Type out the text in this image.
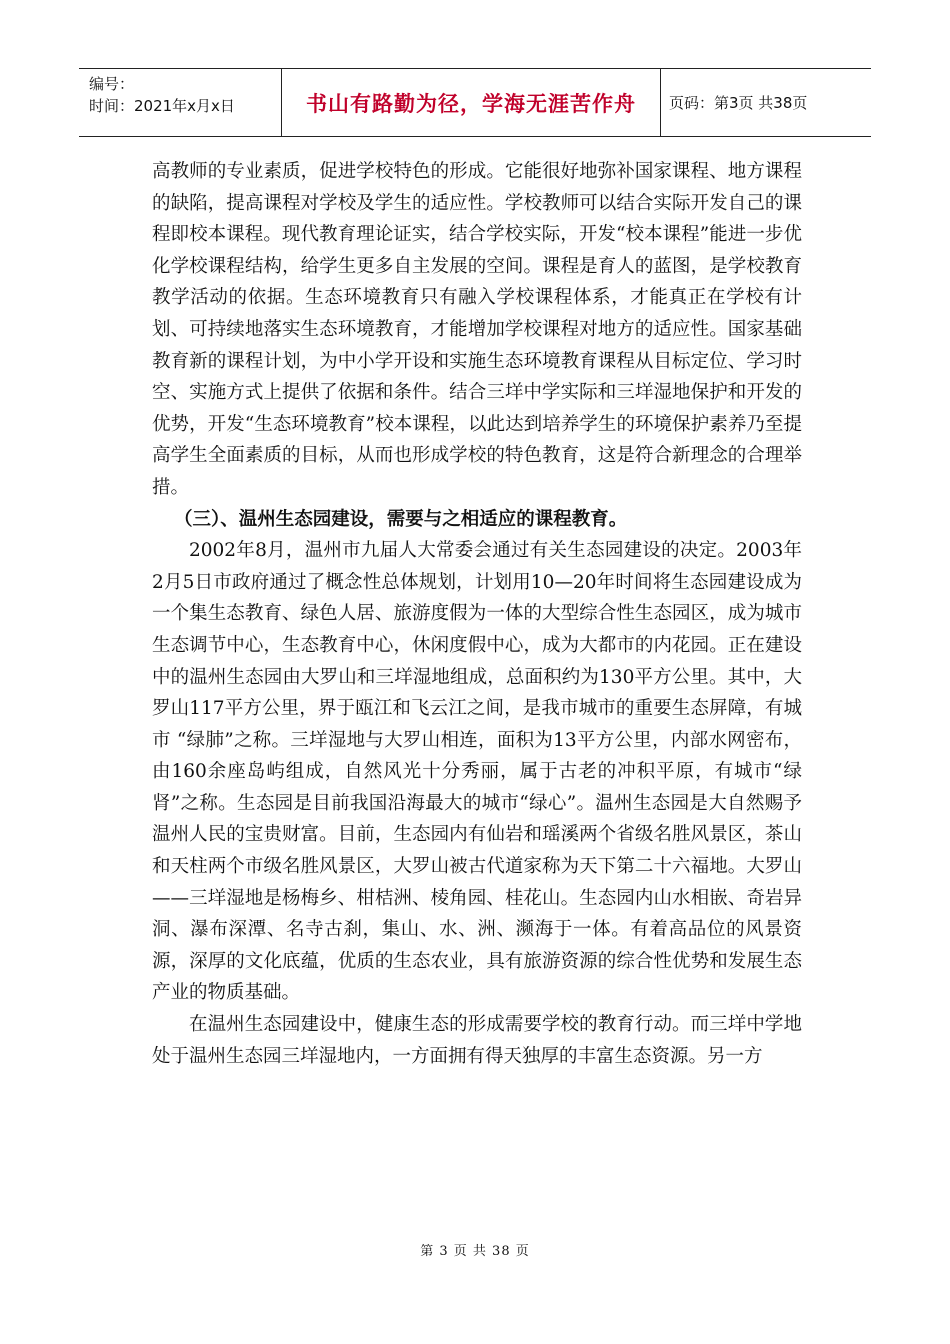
编号：
时间：2021年x月x日	书山有路勤为径，学海无涯苦作舟 页码：第3页 共38页

高教师的专业素质，促进学校特色的形成。它能很好地弥补国家课程、地方课程的缺陷，提高课程对学校及学生的适应性。学校教师可以结合实际开发自己的课程即校本课程。现代教育理论证实，结合学校实际，开发“校本课程”能进一步优化学校课程结构，给学生更多自主发展的空间。课程是育人的蓝图，是学校教育教学活动的依据。生态环境教育只有融入学校课程体系，才能真正在学校有计划、可持续地落实生态环境教育，才能增加学校课程对地方的适应性。国家基础教育新的课程计划，为中小学开设和实施生态环境教育课程从目标定位、学习时空、实施方式上提供了依据和条件。结合三垟中学实际和三垟湿地保护和开发的优势，开发“生态环境教育”校本课程，以此达到培养学生的环境保护素养乃至提高学生全面素质的目标，从而也形成学校的特色教育，这是符合新理念的合理举措。

（三）、温州生态园建设，需要与之相适应的课程教育。

2002年8月，温州市九届人大常委会通过有关生态园建设的决定。2003年2月5日市政府通过了概念性总体规划，计划用10—20年时间将生态园建设成为一个集生态教育、绿色人居、旅游度假为一体的大型综合性生态园区，成为城市生态调节中心，生态教育中心，休闲度假中心，成为大都市的内花园。正在建设中的温州生态园由大罗山和三垟湿地组成，总面积约为130平方公里。其中，大罗山117平方公里，界于瓯江和飞云江之间，是我市城市的重要生态屏障，有城市 “绿肺”之称。三垟湿地与大罗山相连，面积为13平方公里，内部水网密布，由160余座岛屿组成，自然风光十分秀丽，属于古老的冲积平原，有城市“绿肾”之称。生态园是目前我国沿海最大的城市“绿心”。温州生态园是大自然赐予温州人民的宝贵财富。目前，生态园内有仙岩和瑶溪两个省级名胜风景区，茶山和天柱两个市级名胜风景区，大罗山被古代道家称为天下第二十六福地。大罗山——三垟湿地是杨梅乡、柑桔洲、棱角园、桂花山。生态园内山水相嵌、奇岩异洞、瀑布深潭、名寺古刹，集山、水、洲、濒海于一体。有着高品位的风景资源，深厚的文化底蕴，优质的生态农业，具有旅游资源的综合性优势和发展生态产业的物质基础。

在温州生态园建设中，健康生态的形成需要学校的教育行动。而三垟中学地处于温州生态园三垟湿地内，一方面拥有得天独厚的丰富生态资源。另一方

第 3 页 共 38 页
